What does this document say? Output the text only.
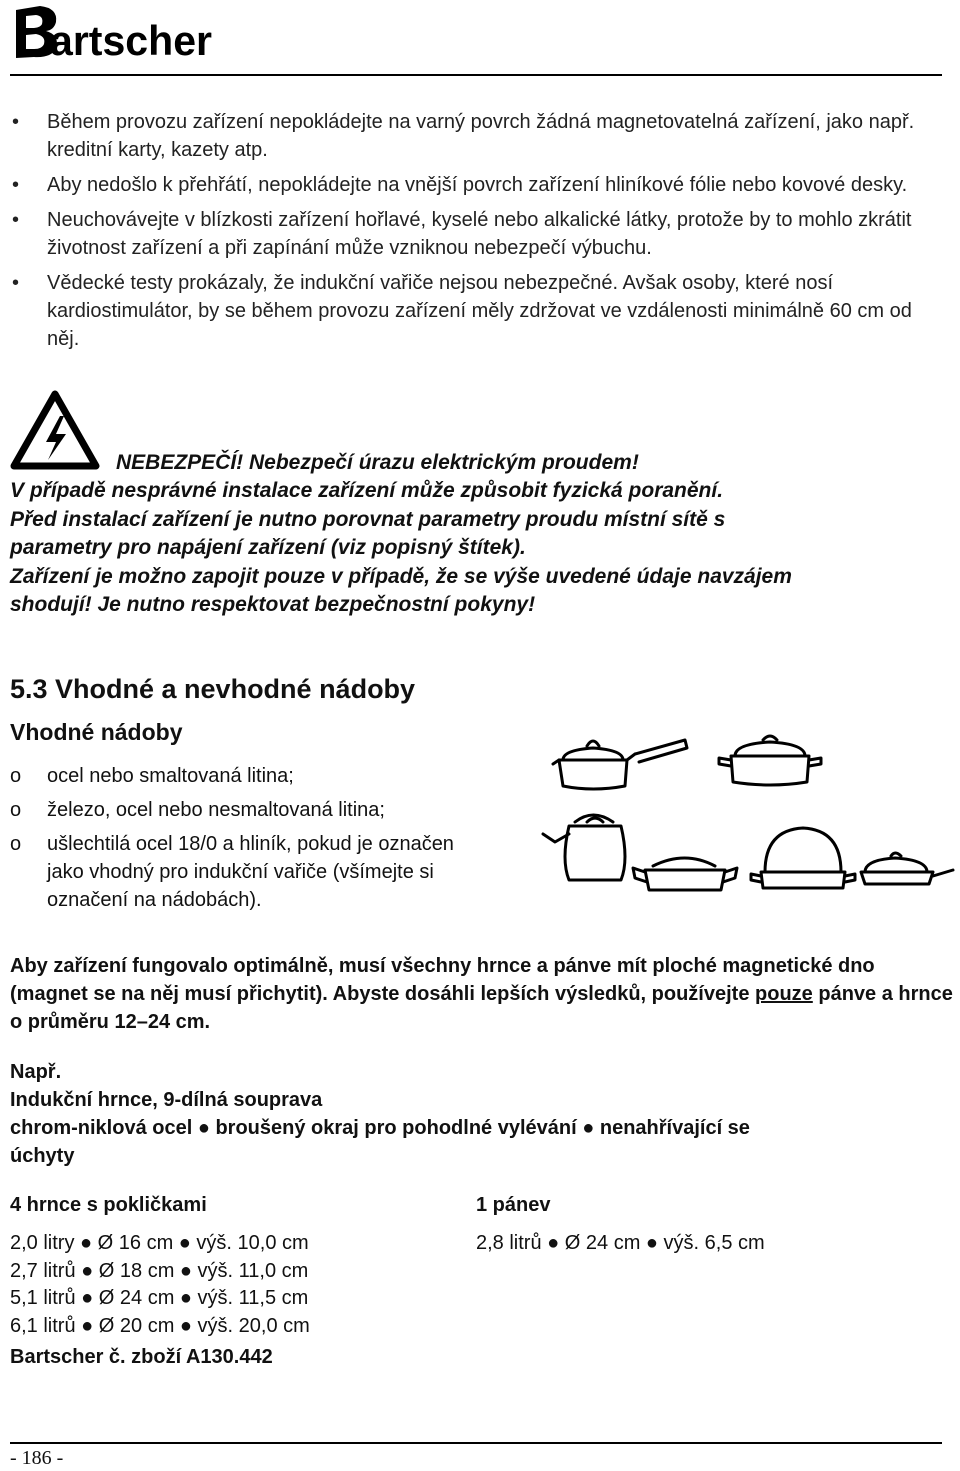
artscher
• Během provozu zařízení nepokládejte na varný povrch žádná magnetovatelná zařízení, jako např. kreditní karty, kazety atp.
• Aby nedošlo k přehřátí, nepokládejte na vnější povrch zařízení hliníkové fólie nebo kovové desky.
• Neuchovávejte v blízkosti zařízení hořlavé, kyselé nebo alkalické látky, protože by to mohlo zkrátit životnost zařízení a při zapínání může vzniknou nebezpečí výbuchu.
• Vědecké testy prokázaly, že indukční vařiče nejsou nebezpečné. Avšak osoby, které nosí kardiostimulátor, by se během provozu zařízení měly zdržovat ve vzdálenosti minimálně 60 cm od něj.
NEBEZPEČÍ! Nebezpečí úrazu elektrickým proudem!
V případě nesprávné instalace zařízení může způsobit fyzická poranění.
Před instalací zařízení je nutno porovnat parametry proudu místní sítě s
parametry pro napájení zařízení (viz popisný štítek).
Zařízení je možno zapojit pouze v případě, že se výše uvedené údaje navzájem
shodují! Je nutno respektovat bezpečnostní pokyny!
5.3 Vhodné a nevhodné nádoby
Vhodné nádoby
o ocel nebo smaltovaná litina;
o železo, ocel nebo nesmaltovaná litina;
o ušlechtilá ocel 18/0 a hliník, pokud je označen jako vhodný pro indukční vařiče (všímejte si označení na nádobách).
Aby zařízení fungovalo optimálně, musí všechny hrnce a pánve mít ploché magnetické dno (magnet se na něj musí přichytit). Abyste dosáhli lepších výsledků, používejte pouze pánve a hrnce o průměru 12–24 cm.
Např.
Indukční hrnce, 9-dílná souprava
chrom-niklová ocel ● broušený okraj pro pohodlné vylévání ● nenahřívající se
úchyty
4 hrnce s pokličkami	1 pánev
2,0 litry ● Ø 16 cm ● výš. 10,0 cm
2,7 litrů ● Ø 18 cm ● výš. 11,0 cm
5,1 litrů ● Ø 24 cm ● výš. 11,5 cm
6,1 litrů ● Ø 20 cm ● výš. 20,0 cm
2,8 litrů ● Ø 24 cm ● výš. 6,5 cm
Bartscher č. zboží A130.442
- 186 -
